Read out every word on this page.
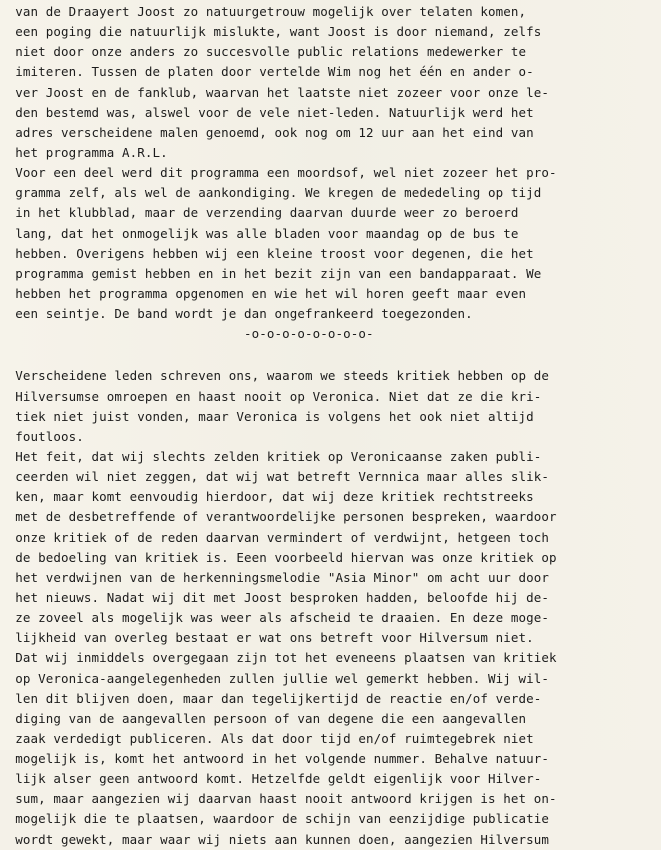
van de Draayert Joost zo natuurgetrouw mogelijk over telaten komen,
een poging die natuurlijk mislukte, want Joost is door niemand, zelfs
niet door onze anders zo succesvolle public relations medewerker te
imiteren. Tussen de platen door vertelde Wim nog het één en ander o-
ver Joost en de fanklub, waarvan het laatste niet zozeer voor onze le-
den bestemd was, alswel voor de vele niet-leden. Natuurlijk werd het
adres verscheidene malen genoemd, ook nog om 12 uur aan het eind van
het programma A.R.L.
Voor een deel werd dit programma een moordsof, wel niet zozeer het pro-
gramma zelf, als wel de aankondiging. We kregen de mededeling op tijd
in het klubblad, maar de verzending daarvan duurde weer zo beroerd
lang, dat het onmogelijk was alle bladen voor maandag op de bus te
hebben. Overigens hebben wij een kleine troost voor degenen, die het
programma gemist hebben en in het bezit zijn van een bandapparaat. We
hebben het programma opgenomen en wie het wil horen geeft maar even
een seintje. De band wordt je dan ongefrankeerd toegezonden.
-o-o-o-o-o-o-o-o-
Verscheidene leden schreven ons, waarom we steeds kritiek hebben op de
Hilversumse omroepen en haast nooit op Veronica. Niet dat ze die kri-
tiek niet juist vonden, maar Veronica is volgens het ook niet altijd
foutloos.
Het feit, dat wij slechts zelden kritiek op Veronicaanse zaken publi-
ceerden wil niet zeggen, dat wij wat betreft Vernnica maar alles slik-
ken, maar komt eenvoudig hierdoor, dat wij deze kritiek rechtstreeks
met de desbetreffende of verantwoordelijke personen bespreken, waardoor
onze kritiek of de reden daarvan vermindert of verdwijnt, hetgeen toch
de bedoeling van kritiek is. Eeen voorbeeld hiervan was onze kritiek op
het verdwijnen van de herkenningsmelodie "Asia Minor" om acht uur door
het nieuws. Nadat wij dit met Joost besproken hadden, beloofde hij de-
ze zoveel als mogelijk was weer als afscheid te draaien. En deze moge-
lijkheid van overleg bestaat er wat ons betreft voor Hilversum niet.
Dat wij inmiddels overgegaan zijn tot het eveneens plaatsen van kritiek
op Veronica-aangelegenheden zullen jullie wel gemerkt hebben. Wij wil-
len dit blijven doen, maar dan tegelijkertijd de reactie en/of verde-
diging van de aangevallen persoon of van degene die een aangevallen
zaak verdedigt publiceren. Als dat door tijd en/of ruimtegebrek niet
mogelijk is, komt het antwoord in het volgende nummer. Behalve natuur-
lijk alser geen antwoord komt. Hetzelfde geldt eigenlijk voor Hilver-
sum, maar aangezien wij daarvan haast nooit antwoord krijgen is het on-
mogelijk die te plaatsen, waardoor de schijn van eenzijdige publicatie
wordt gewekt, maar waar wij niets aan kunnen doen, aangezien Hilversum
